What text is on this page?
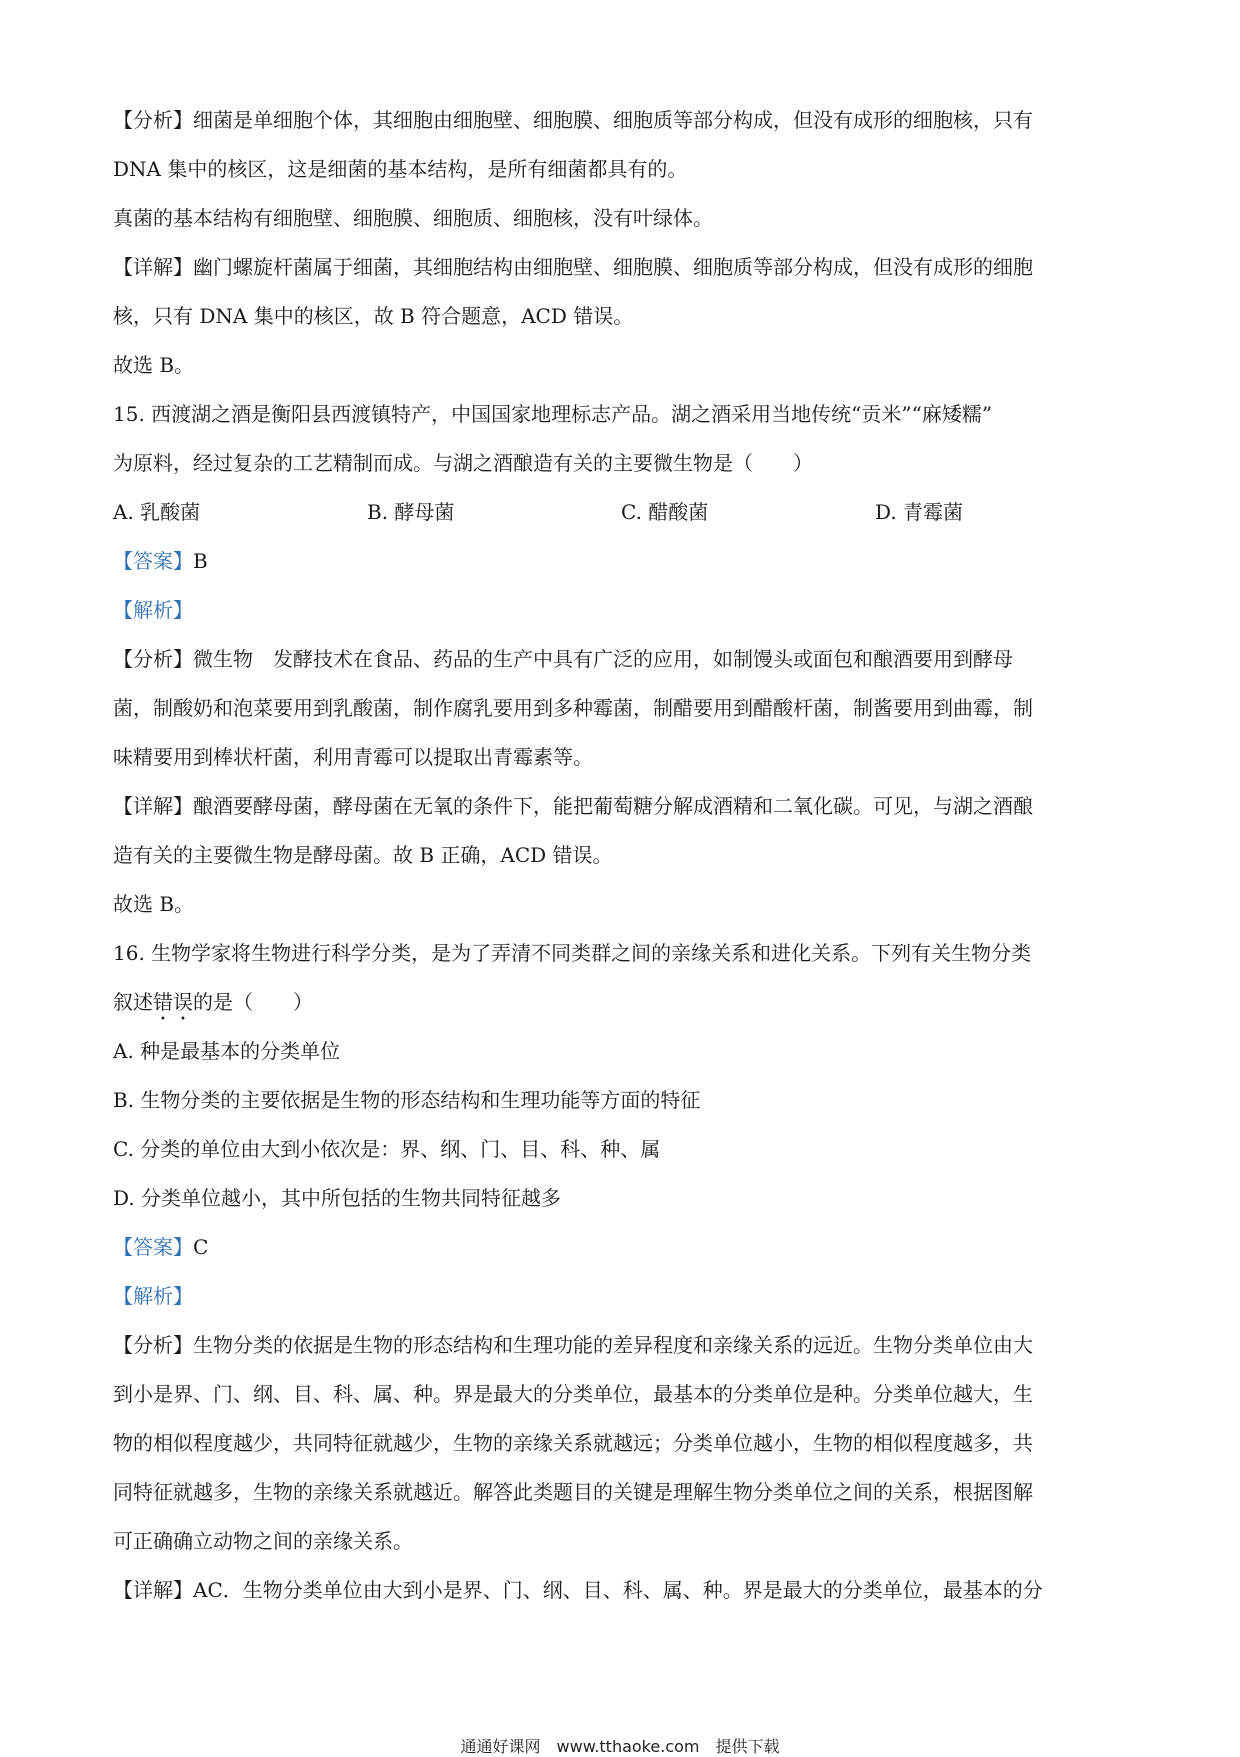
【分析】细菌是单细胞个体，其细胞由细胞壁、细胞膜、细胞质等部分构成，但没有成形的细胞核，只有

DNA 集中的核区，这是细菌的基本结构，是所有细菌都具有的。

真菌的基本结构有细胞壁、细胞膜、细胞质、细胞核，没有叶绿体。

【详解】幽门螺旋杆菌属于细菌，其细胞结构由细胞壁、细胞膜、细胞质等部分构成，但没有成形的细胞

核，只有 DNA 集中的核区，故 B 符合题意，ACD 错误。

故选 B。

15. 西渡湖之酒是衡阳县西渡镇特产，中国国家地理标志产品。湖之酒采用当地传统“贡米”“麻矮糯”

为原料，经过复杂的工艺精制而成。与湖之酒酿造有关的主要微生物是（　　）

A. 乳酸菌	B. 酵母菌	C. 醋酸菌	D. 青霉菌

【答案】B

【解析】

【分析】微生物　发酵技术在食品、药品的生产中具有广泛的应用，如制馒头或面包和酿酒要用到酵母

菌，制酸奶和泡菜要用到乳酸菌，制作腐乳要用到多种霉菌，制醋要用到醋酸杆菌，制酱要用到曲霉，制

味精要用到棒状杆菌，利用青霉可以提取出青霉素等。

【详解】酿酒要酵母菌，酵母菌在无氧的条件下，能把葡萄糖分解成酒精和二氧化碳。可见，与湖之酒酿

造有关的主要微生物是酵母菌。故 B 正确，ACD 错误。

故选 B。

16. 生物学家将生物进行科学分类，是为了弄清不同类群之间的亲缘关系和进化关系。下列有关生物分类

叙述错误的是（　　）

A. 种是最基本的分类单位

B. 生物分类的主要依据是生物的形态结构和生理功能等方面的特征

C. 分类的单位由大到小依次是：界、纲、门、目、科、种、属

D. 分类单位越小，其中所包括的生物共同特征越多

【答案】C

【解析】

【分析】生物分类的依据是生物的形态结构和生理功能的差异程度和亲缘关系的远近。生物分类单位由大

到小是界、门、纲、目、科、属、种。界是最大的分类单位，最基本的分类单位是种。分类单位越大，生

物的相似程度越少，共同特征就越少，生物的亲缘关系就越远；分类单位越小，生物的相似程度越多，共

同特征就越多，生物的亲缘关系就越近。解答此类题目的关键是理解生物分类单位之间的关系，根据图解

可正确确立动物之间的亲缘关系。

【详解】AC．生物分类单位由大到小是界、门、纲、目、科、属、种。界是最大的分类单位，最基本的分

通通好课网　www.tthaoke.com　提供下载
